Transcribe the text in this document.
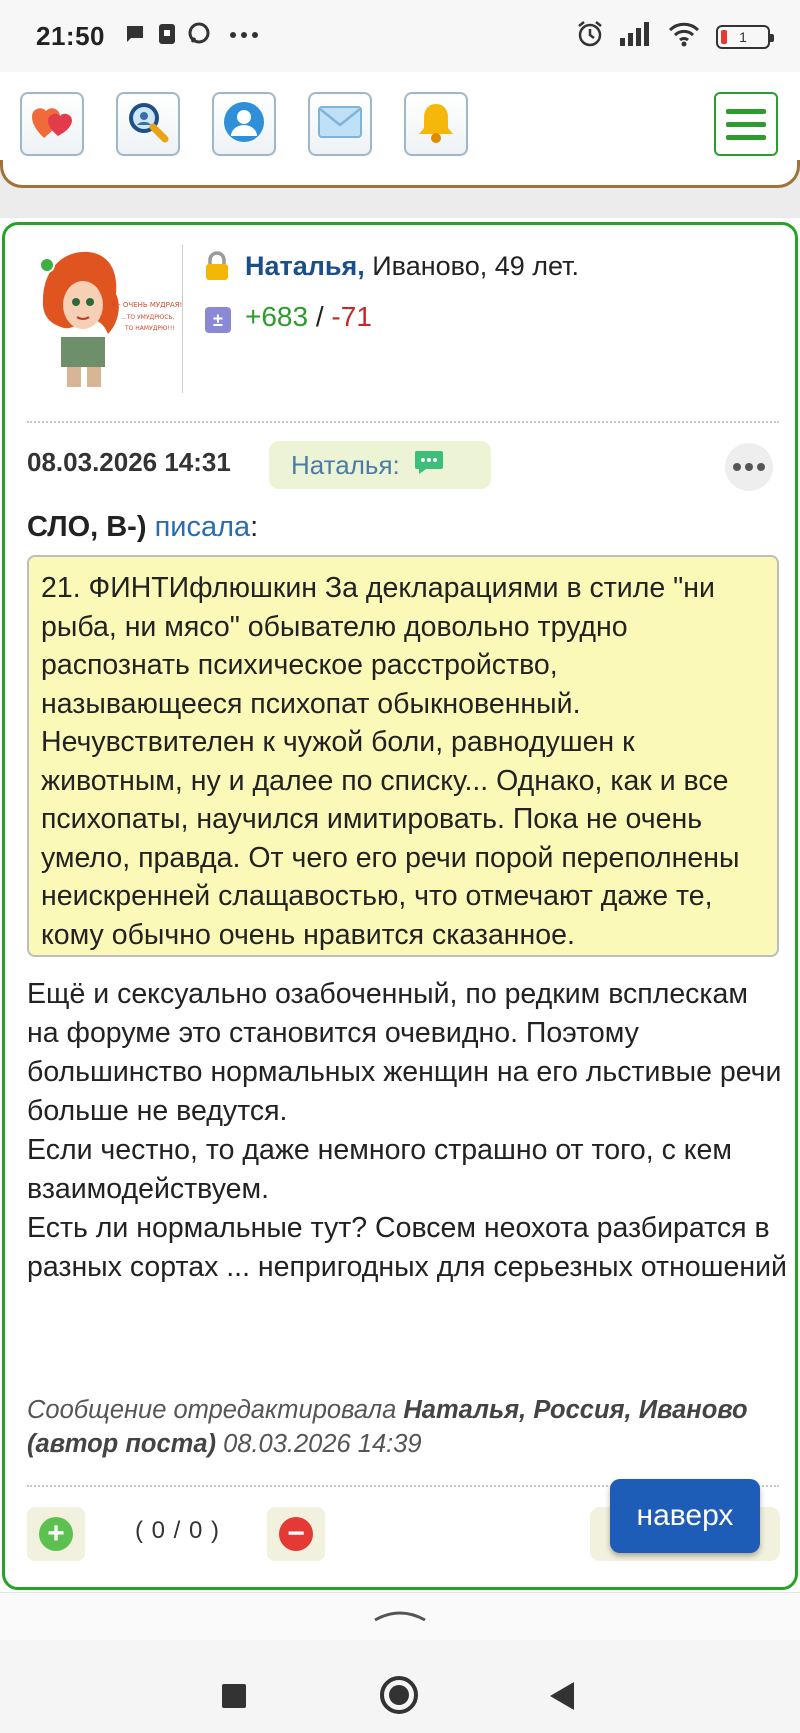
21:50	1
Я - ОЧЕНЬ МУДРАЯ!
...ТО УМУДРЮСЬ,
ТО НАМУДРЮ!!!
Наталья, Иваново, 49 лет.
± +683 / -71
08.03.2026 14:31 Наталья:
СЛО, В-) писала:
21. ФИНТИфлюшкин За декларациями в стиле "ни рыба, ни мясо" обывателю довольно трудно распознать психическое расстройство, называющееся психопат обыкновенный. Нечувствителен к чужой боли, равнодушен к животным, ну и далее по списку... Однако, как и все психопаты, научился имитировать. Пока не очень умело, правда. От чего его речи порой переполнены неискренней слащавостью, что отмечают даже те, кому обычно очень нравится сказанное.
Ещё и сексуально озабоченный, по редким всплескам на форуме это становится очевидно. Поэтому большинство нормальных женщин на его льстивые речи больше не ведутся.
Если честно, то даже немного страшно от того, с кем взаимодействуем.
Есть ли нормальные тут? Совсем неохота разбиратся в разных сортах ... непригодных для серьезных отношений
Сообщение отредактировала Наталья, Россия, Иваново (автор поста) 08.03.2026 14:39
+	( 0 / 0 ) −
наверх
